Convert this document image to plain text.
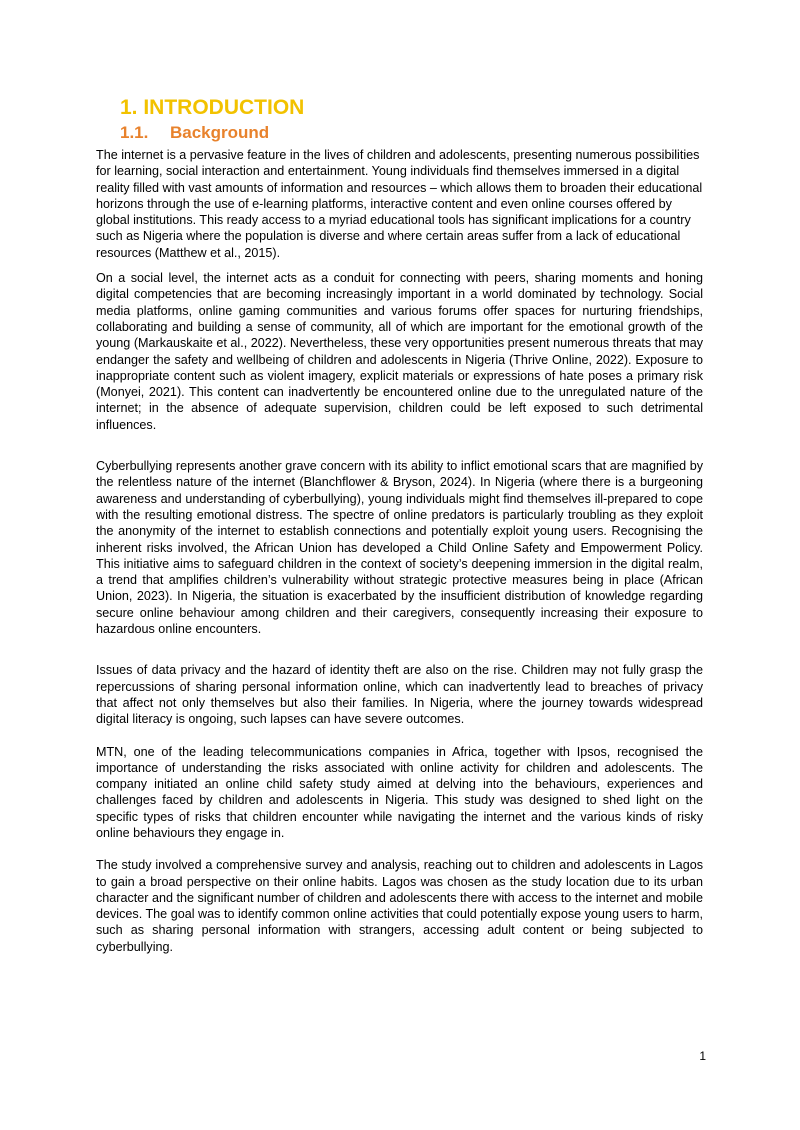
1. INTRODUCTION
1.1. Background

The internet is a pervasive feature in the lives of children and adolescents, presenting numerous possibilities for learning, social interaction and entertainment. Young individuals find themselves immersed in a digital reality filled with vast amounts of information and resources – which allows them to broaden their educational horizons through the use of e-learning platforms, interactive content and even online courses offered by global institutions. This ready access to a myriad educational tools has significant implications for a country such as Nigeria where the population is diverse and where certain areas suffer from a lack of educational resources (Matthew et al., 2015).

On a social level, the internet acts as a conduit for connecting with peers, sharing moments and honing digital competencies that are becoming increasingly important in a world dominated by technology. Social media platforms, online gaming communities and various forums offer spaces for nurturing friendships, collaborating and building a sense of community, all of which are important for the emotional growth of the young (Markauskaite et al., 2022). Nevertheless, these very opportunities present numerous threats that may endanger the safety and wellbeing of children and adolescents in Nigeria (Thrive Online, 2022). Exposure to inappropriate content such as violent imagery, explicit materials or expressions of hate poses a primary risk (Monyei, 2021). This content can inadvertently be encountered online due to the unregulated nature of the internet; in the absence of adequate supervision, children could be left exposed to such detrimental influences.

Cyberbullying represents another grave concern with its ability to inflict emotional scars that are magnified by the relentless nature of the internet (Blanchflower & Bryson, 2024). In Nigeria (where there is a burgeoning awareness and understanding of cyberbullying), young individuals might find themselves ill-prepared to cope with the resulting emotional distress. The spectre of online predators is particularly troubling as they exploit the anonymity of the internet to establish connections and potentially exploit young users. Recognising the inherent risks involved, the African Union has developed a Child Online Safety and Empowerment Policy. This initiative aims to safeguard children in the context of society’s deepening immersion in the digital realm, a trend that amplifies children’s vulnerability without strategic protective measures being in place (African Union, 2023). In Nigeria, the situation is exacerbated by the insufficient distribution of knowledge regarding secure online behaviour among children and their caregivers, consequently increasing their exposure to hazardous online encounters.

Issues of data privacy and the hazard of identity theft are also on the rise. Children may not fully grasp the repercussions of sharing personal information online, which can inadvertently lead to breaches of privacy that affect not only themselves but also their families. In Nigeria, where the journey towards widespread digital literacy is ongoing, such lapses can have severe outcomes.

MTN, one of the leading telecommunications companies in Africa, together with Ipsos, recognised the importance of understanding the risks associated with online activity for children and adolescents. The company initiated an online child safety study aimed at delving into the behaviours, experiences and challenges faced by children and adolescents in Nigeria. This study was designed to shed light on the specific types of risks that children encounter while navigating the internet and the various kinds of risky online behaviours they engage in.

The study involved a comprehensive survey and analysis, reaching out to children and adolescents in Lagos to gain a broad perspective on their online habits. Lagos was chosen as the study location due to its urban character and the significant number of children and adolescents there with access to the internet and mobile devices. The goal was to identify common online activities that could potentially expose young users to harm, such as sharing personal information with strangers, accessing adult content or being subjected to cyberbullying.

1
